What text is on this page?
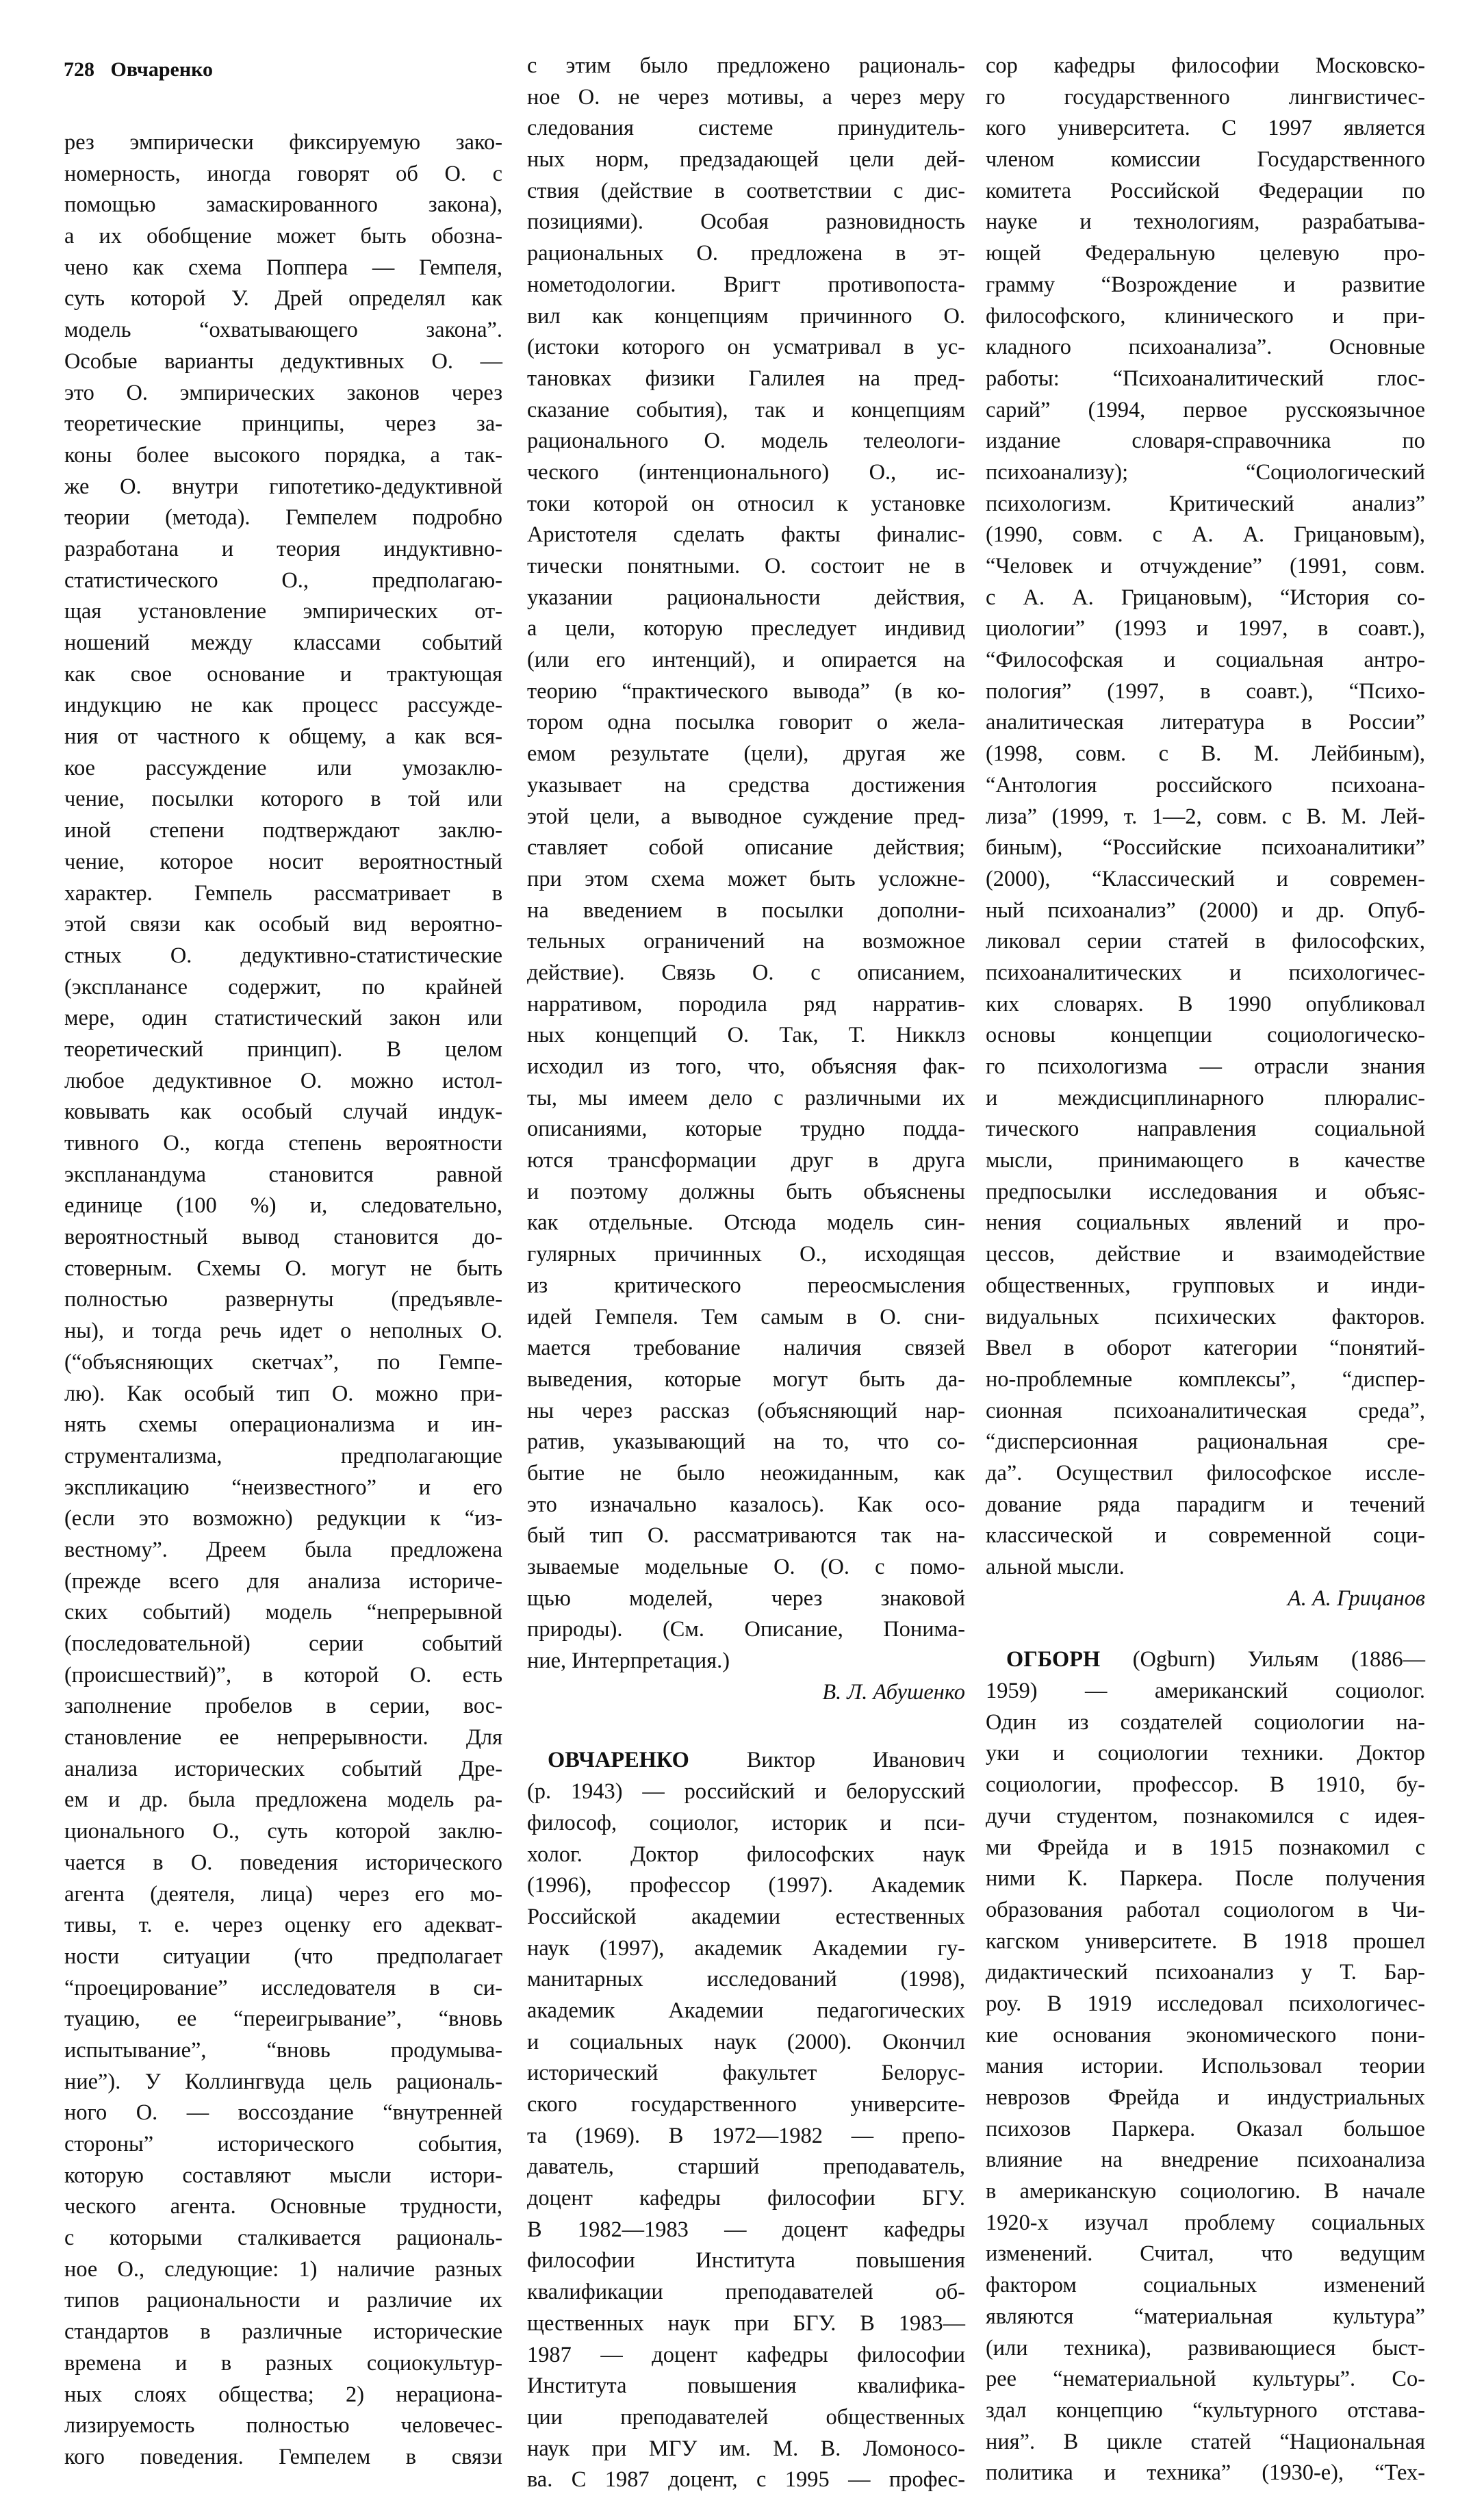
728 Овчаренко
рез эмпирически фиксируемую зако-
номерность, иногда говорят об О. с
помощью замаскированного закона),
а их обобщение может быть обозна-
чено как схема Поппера — Гемпеля,
суть которой У. Дрей определял как
модель “охватывающего закона”.
Особые варианты дедуктивных О. —
это О. эмпирических законов через
теоретические принципы, через за-
коны более высокого порядка, а так-
же О. внутри гипотетико-дедуктивной
теории (метода). Гемпелем подробно
разработана и теория индуктивно-
статистического О., предполагаю-
щая установление эмпирических от-
ношений между классами событий
как свое основание и трактующая
индукцию не как процесс рассужде-
ния от частного к общему, а как вся-
кое рассуждение или умозаклю-
чение, посылки которого в той или
иной степени подтверждают заклю-
чение, которое носит вероятностный
характер. Гемпель рассматривает в
этой связи как особый вид вероятно-
стных О. дедуктивно-статистические
(экспланансе содержит, по крайней
мере, один статистический закон или
теоретический принцип). В целом
любое дедуктивное О. можно истол-
ковывать как особый случай индук-
тивного О., когда степень вероятности
экспланандума становится равной
единице (100 %) и, следовательно,
вероятностный вывод становится до-
стоверным. Схемы О. могут не быть
полностью развернуты (предъявле-
ны), и тогда речь идет о неполных О.
(“объясняющих скетчах”, по Гемпе-
лю). Как особый тип О. можно при-
нять схемы операционализма и ин-
струментализма, предполагающие
экспликацию “неизвестного” и его
(если это возможно) редукции к “из-
вестному”. Дреем была предложена
(прежде всего для анализа историче-
ских событий) модель “непрерывной
(последовательной) серии событий
(происшествий)”, в которой О. есть
заполнение пробелов в серии, вос-
становление ее непрерывности. Для
анализа исторических событий Дре-
ем и др. была предложена модель ра-
ционального О., суть которой заклю-
чается в О. поведения исторического
агента (деятеля, лица) через его мо-
тивы, т. е. через оценку его адекват-
ности ситуации (что предполагает
“проецирование” исследователя в си-
туацию, ее “переигрывание”, “вновь
испытывание”, “вновь продумыва-
ние”). У Коллингвуда цель рациональ-
ного О. — воссоздание “внутренней
стороны” исторического события,
которую составляют мысли истори-
ческого агента. Основные трудности,
с которыми сталкивается рациональ-
ное О., следующие: 1) наличие разных
типов рациональности и различие их
стандартов в различные исторические
времена и в разных социокультур-
ных слоях общества; 2) нерациона-
лизируемость полностью человечес-
кого поведения. Гемпелем в связи
с этим было предложено рациональ-
ное О. не через мотивы, а через меру
следования системе принудитель-
ных норм, предзадающей цели дей-
ствия (действие в соответствии с дис-
позициями). Особая разновидность
рациональных О. предложена в эт-
нометодологии. Вригт противопоста-
вил как концепциям причинного О.
(истоки которого он усматривал в ус-
тановках физики Галилея на пред-
сказание события), так и концепциям
рационального О. модель телеологи-
ческого (интенционального) О., ис-
токи которой он относил к установке
Аристотеля сделать факты финалис-
тически понятными. О. состоит не в
указании рациональности действия,
а цели, которую преследует индивид
(или его интенций), и опирается на
теорию “практического вывода” (в ко-
тором одна посылка говорит о жела-
емом результате (цели), другая же
указывает на средства достижения
этой цели, а выводное суждение пред-
ставляет собой описание действия;
при этом схема может быть усложне-
на введением в посылки дополни-
тельных ограничений на возможное
действие). Связь О. с описанием,
нарративом, породила ряд нарратив-
ных концепций О. Так, Т. Никклз
исходил из того, что, объясняя фак-
ты, мы имеем дело с различными их
описаниями, которые трудно подда-
ются трансформации друг в друга
и поэтому должны быть объяснены
как отдельные. Отсюда модель син-
гулярных причинных О., исходящая
из критического переосмысления
идей Гемпеля. Тем самым в О. сни-
мается требование наличия связей
выведения, которые могут быть да-
ны через рассказ (объясняющий нар-
ратив, указывающий на то, что со-
бытие не было неожиданным, как
это изначально казалось). Как осо-
бый тип О. рассматриваются так на-
зываемые модельные О. (О. с помо-
щью моделей, через знаковой
природы). (См. Описание, Понима-
ние, Интерпретация.)
В. Л. Абушенко
ОВЧАРЕНКО	Виктор Иванович
(р. 1943) — российский и белорусский
философ, социолог, историк и пси-
холог. Доктор философских наук
(1996), профессор (1997). Академик
Российской академии естественных
наук (1997), академик Академии гу-
манитарных исследований (1998),
академик Академии педагогических
и социальных наук (2000). Окончил
исторический факультет Белорус-
ского государственного университе-
та (1969). В 1972—1982 — препо-
даватель, старший преподаватель,
доцент кафедры философии БГУ.
В 1982—1983 — доцент кафедры
философии Института повышения
квалификации преподавателей об-
щественных наук при БГУ. В 1983—
1987 — доцент кафедры философии
Института повышения квалифика-
ции преподавателей общественных
наук при МГУ им. М. В. Ломоносо-
ва. С 1987 доцент, с 1995 — профес-
сор кафедры философии Московско-
го государственного лингвистичес-
кого университета. С 1997 является
членом комиссии Государственного
комитета Российской Федерации по
науке и технологиям, разрабатыва-
ющей Федеральную целевую про-
грамму “Возрождение и развитие
философского, клинического и при-
кладного психоанализа”. Основные
работы: “Психоаналитический глос-
сарий” (1994, первое русскоязычное
издание словаря-справочника по
психоанализу); “Социологический
психологизм. Критический анализ”
(1990, совм. с А. А. Грицановым),
“Человек и отчуждение” (1991, совм.
с А. А. Грицановым), “История со-
циологии” (1993 и 1997, в соавт.),
“Философская и социальная антро-
пология” (1997, в соавт.), “Психо-
аналитическая литература в России”
(1998, совм. с В. М. Лейбиным),
“Антология российского психоана-
лиза” (1999, т. 1—2, совм. с В. М. Лей-
биным), “Российские психоаналитики”
(2000), “Классический и современ-
ный психоанализ” (2000) и др. Опуб-
ликовал серии статей в философских,
психоаналитических и психологичес-
ких словарях. В 1990 опубликовал
основы концепции социологическо-
го психологизма — отрасли знания
и междисциплинарного плюралис-
тического направления социальной
мысли, принимающего в качестве
предпосылки исследования и объяс-
нения социальных явлений и про-
цессов, действие и взаимодействие
общественных, групповых и инди-
видуальных психических факторов.
Ввел в оборот категории “понятий-
но-проблемные комплексы”, “диспер-
сионная психоаналитическая среда”,
“дисперсионная рациональная сре-
да”. Осуществил философское иссле-
дование ряда парадигм и течений
классической и современной соци-
альной мысли.
А. А. Грицанов
ОГБОРН (Ogburn) Уильям (1886—
1959) — американский социолог.
Один из создателей социологии на-
уки и социологии техники. Доктор
социологии, профессор. В 1910, бу-
дучи студентом, познакомился с идея-
ми Фрейда и в 1915 познакомил с
ними К. Паркера. После получения
образования работал социологом в Чи-
кагском университете. В 1918 прошел
дидактический психоанализ у Т. Бар-
роу. В 1919 исследовал психологичес-
кие основания экономического пони-
мания истории. Использовал теории
неврозов Фрейда и индустриальных
психозов Паркера. Оказал большое
влияние на внедрение психоанализа
в американскую социологию. В начале
1920-х изучал проблему социальных
изменений. Считал, что ведущим
фактором социальных изменений
являются “материальная культура”
(или техника), развивающиеся быст-
рее “нематериальной культуры”. Со-
здал концепцию “культурного отстава-
ния”. В цикле статей “Национальная
политика и техника” (1930-е), “Тех-
